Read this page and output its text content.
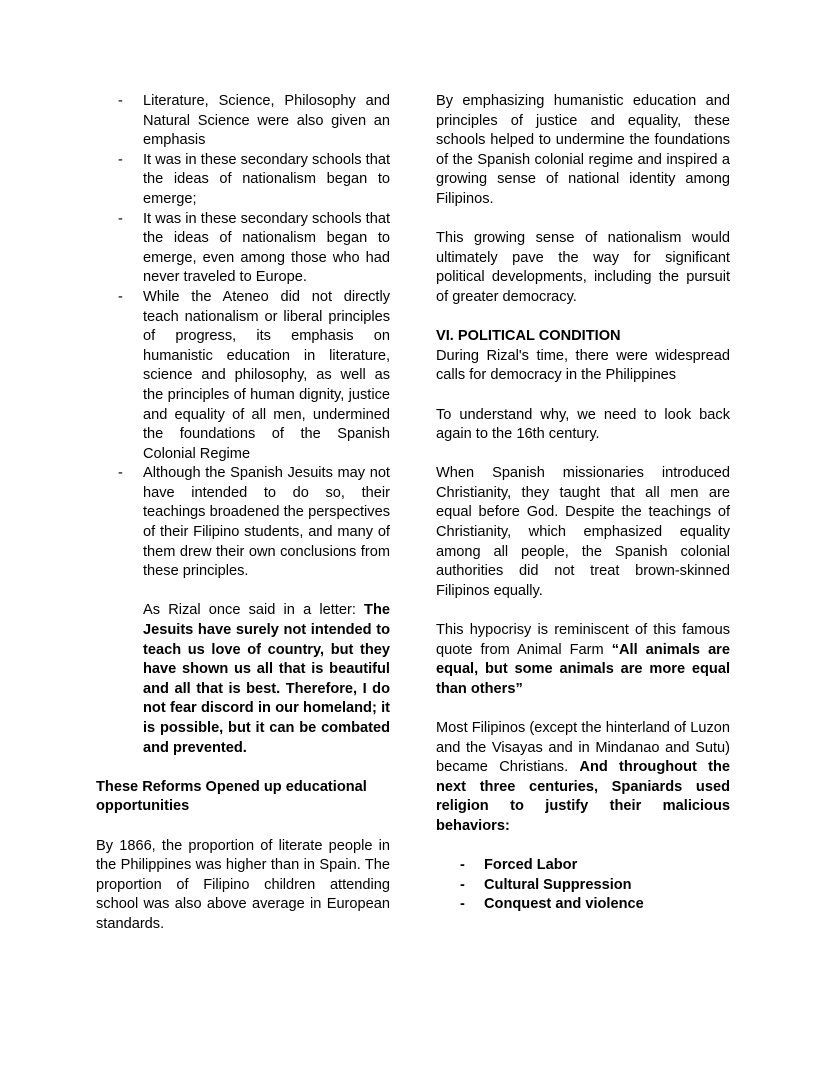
- Literature, Science, Philosophy and Natural Science were also given an emphasis
- It was in these secondary schools that the ideas of nationalism began to emerge;
- It was in these secondary schools that the ideas of nationalism began to emerge, even among those who had never traveled to Europe.
- While the Ateneo did not directly teach nationalism or liberal principles of progress, its emphasis on humanistic education in literature, science and philosophy, as well as the principles of human dignity, justice and equality of all men, undermined the foundations of the Spanish Colonial Regime
- Although the Spanish Jesuits may not have intended to do so, their teachings broadened the perspectives of their Filipino students, and many of them drew their own conclusions from these principles.

As Rizal once said in a letter: The Jesuits have surely not intended to teach us love of country, but they have shown us all that is beautiful and all that is best. Therefore, I do not fear discord in our homeland; it is possible, but it can be combated and prevented.

These Reforms Opened up educational opportunities

By 1866, the proportion of literate people in the Philippines was higher than in Spain. The proportion of Filipino children attending school was also above average in European standards.

By emphasizing humanistic education and principles of justice and equality, these schools helped to undermine the foundations of the Spanish colonial regime and inspired a growing sense of national identity among Filipinos.

This growing sense of nationalism would ultimately pave the way for significant political developments, including the pursuit of greater democracy.

VI. POLITICAL CONDITION

During Rizal's time, there were widespread calls for democracy in the Philippines

To understand why, we need to look back again to the 16th century.

When Spanish missionaries introduced Christianity, they taught that all men are equal before God. Despite the teachings of Christianity, which emphasized equality among all people, the Spanish colonial authorities did not treat brown-skinned Filipinos equally.

This hypocrisy is reminiscent of this famous quote from Animal Farm “All animals are equal, but some animals are more equal than others”

Most Filipinos (except the hinterland of Luzon and the Visayas and in Mindanao and Sutu) became Christians. And throughout the next three centuries, Spaniards used religion to justify their malicious behaviors:

- Forced Labor
- Cultural Suppression
- Conquest and violence
